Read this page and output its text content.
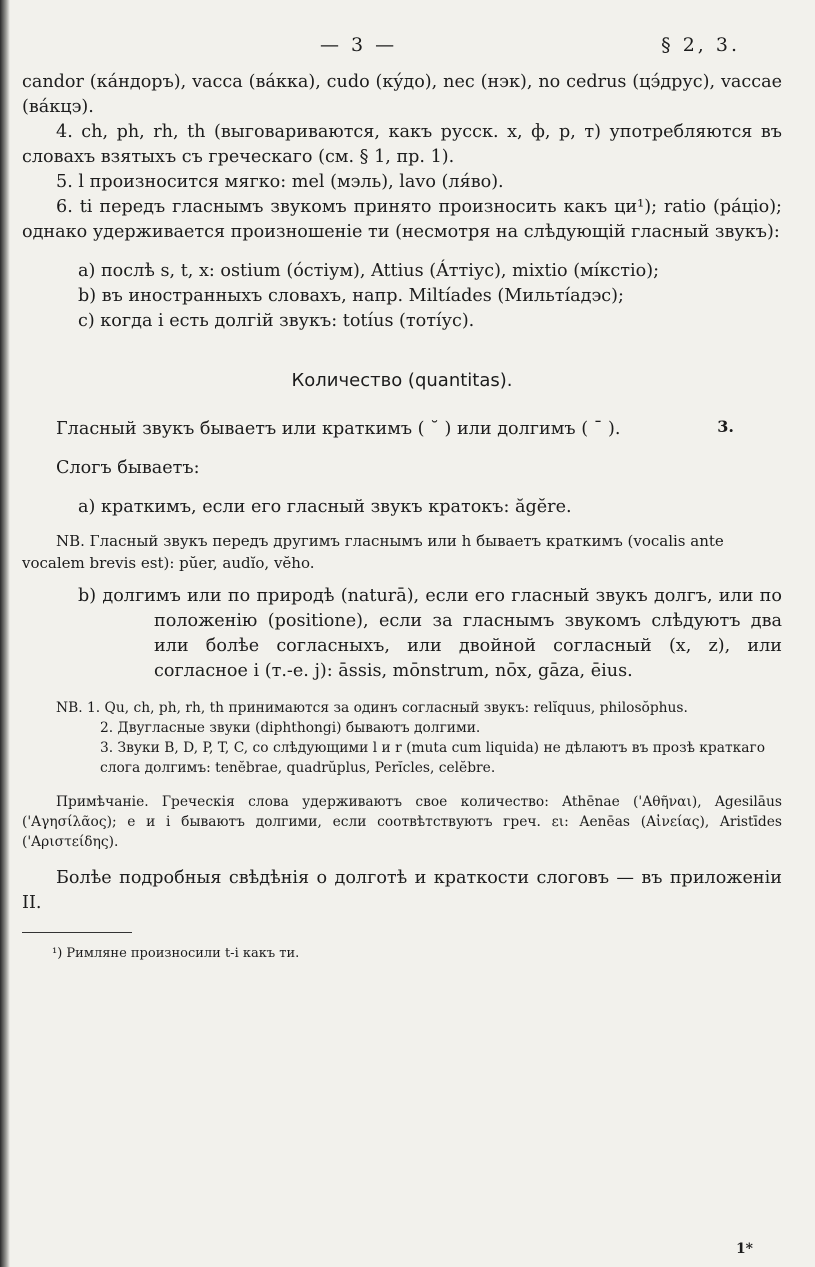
— 3 —	§ 2, 3.

candor (кáндоръ), vacca (вáкка), cudo (кýдо), nec (нэк), no cedrus (цэ́друс), vaccae (вáкцэ).

4. ch, ph, rh, th (выговариваются, какъ русск. х, ф, р, т) употребляются въ словахъ взятыхъ съ греческаго (см. § 1, пр. 1).

5. l произносится мягко: mel (мэль), lavo (ля́во).

6. ti передъ гласнымъ звукомъ принято произносить какъ ци¹); ratio (рáціо); однако удерживается произношеніе ти (несмотря на слѣдующій гласный звукъ):

a) послѣ s, t, x: ostium (óстіум), Attius (Áттіус), mixtio (мíкстіо);

b) въ иностранныхъ словахъ, напр. Miltíades (Мильтíадэс);

c) когда i есть долгій звукъ: totíus (тотíус).

Количество (quantitas).

Гласный звукъ бываетъ или краткимъ ( ˘ ) или долгимъ ( ¯ ).	3.

Слогъ бываетъ:

a) краткимъ, если его гласный звукъ кратокъ: ăgĕre.

NB. Гласный звукъ передъ другимъ гласнымъ или h бываетъ краткимъ (vocalis ante vocalem brevis est): pŭer, audĭo, vĕho.

b) долгимъ или по природѣ (naturā), если его гласный звукъ долгъ, или по положенію (positione), если за гласнымъ звукомъ слѣдуютъ два или болѣе согласныхъ, или двойной согласный (x, z), или согласное i (т.-е. j): āssis, mōnstrum, nōx, gāza, ēius.

NB. 1. Qu, ch, ph, rh, th принимаются за одинъ согласный звукъ: relĭquus, philosŏphus.

2. Двугласные звуки (diphthongi) бываютъ долгими.

3. Звуки B, D, P, T, C, со слѣдующими l и r (muta cum liquida) не дѣлаютъ въ прозѣ краткаго слога долгимъ: tenĕbrae, quadrŭplus, Perĭcles, celĕbre.

Примѣчаніе. Греческія слова удерживаютъ свое количество: Athēnae ('Αθῆναι), Agesilāus ('Αγησίλᾶος); e и i бываютъ долгими, если соотвѣтствуютъ греч. ει: Aenēas (Αἰνείας), Aristīdes ('Αριστείδης).

Болѣе подробныя свѣдѣнія о долготѣ и краткости слоговъ — въ приложеніи II.

¹) Римляне произносили t-i какъ ти.

1*
